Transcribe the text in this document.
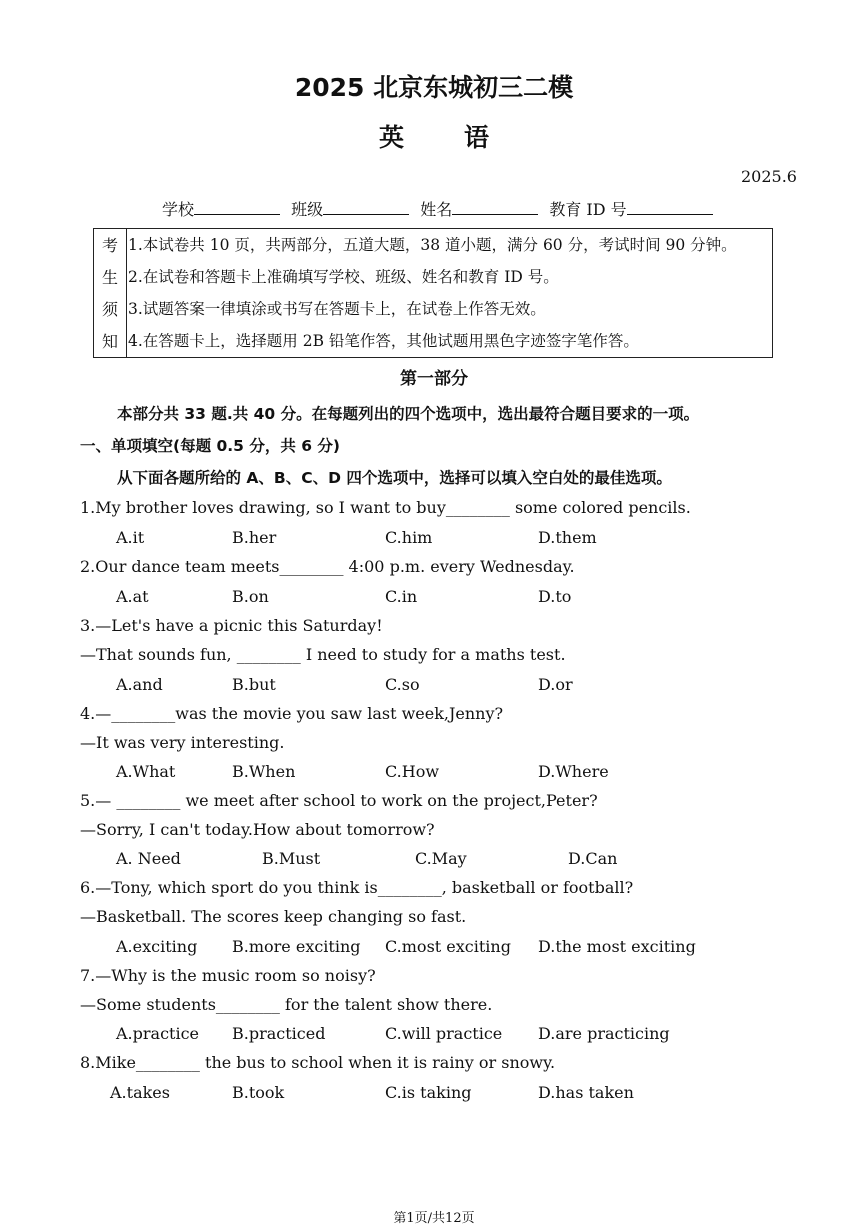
2025 北京东城初三二模
英 语
2025.6
学校	班级	姓名	教育 ID 号
考
生
须
知
1.本试卷共 10 页，共两部分，五道大题，38 道小题，满分 60 分，考试时间 90 分钟。
2.在试卷和答题卡上准确填写学校、班级、姓名和教育 ID 号。
3.试题答案一律填涂或书写在答题卡上，在试卷上作答无效。
4.在答题卡上，选择题用 2B 铅笔作答，其他试题用黑色字迹签字笔作答。
第一部分
本部分共 33 题.共 40 分。在每题列出的四个选项中，选出最符合题目要求的一项。
一、单项填空(每题 0.5 分，共 6 分)
从下面各题所给的 A、B、C、D 四个选项中，选择可以填入空白处的最佳选项。
1.My brother loves drawing, so I want to buy________ some colored pencils.
A.it	B.her	C.him	D.them
2.Our dance team meets________ 4:00 p.m. every Wednesday.
A.at	B.on	C.in	D.to
3.—Let's have a picnic this Saturday!
—That sounds fun, ________ I need to study for a maths test.
A.and	B.but	C.so	D.or
4.—________was the movie you saw last week,Jenny?
—It was very interesting.
A.What	B.When	C.How	D.Where
5.— ________ we meet after school to work on the project,Peter?
—Sorry, I can't today.How about tomorrow?
A. Need	B.Must	C.May	D.Can
6.—Tony, which sport do you think is________, basketball or football?
—Basketball. The scores keep changing so fast.
A.exciting B.more exciting C.most exciting D.the most exciting
7.—Why is the music room so noisy?
—Some students________ for the talent show there.
A.practice B.practiced	C.will practice D.are practicing
8.Mike________ the bus to school when it is rainy or snowy.
A.takes	B.took	C.is taking	D.has taken
第1页/共12页
